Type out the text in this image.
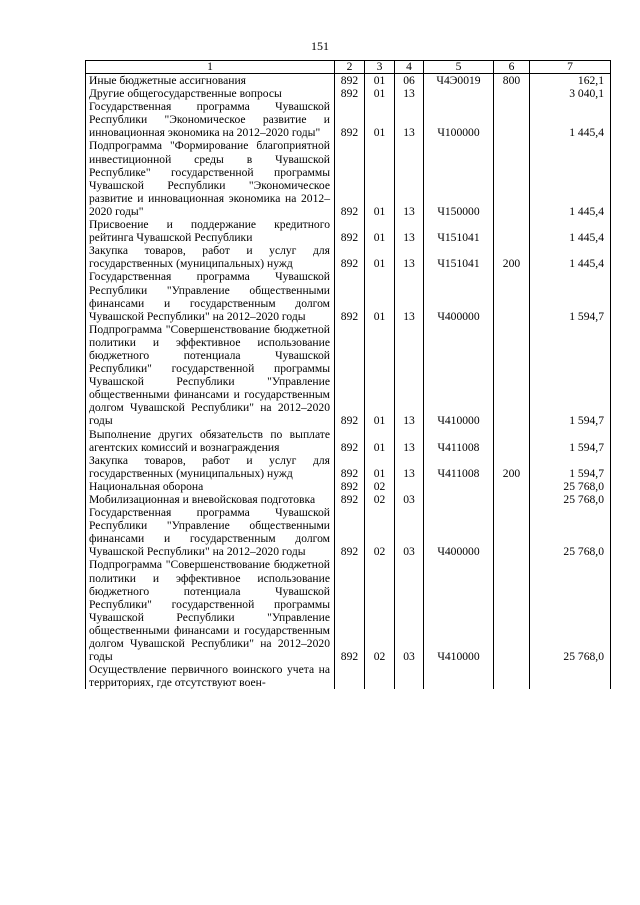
151
1	2	3	4	5	6	7
Иные бюджетные ассигнования	892	01	06	Ч4Э0019	800	162,1
Другие общегосударственные вопросы	892	01	13			3 040,1
Государственная программа Чувашской Республики "Экономическое развитие и инновационная экономика на 2012–2020 годы"	892	01	13	Ч100000		1 445,4
Подпрограмма "Формирование благоприятной инвестиционной среды в Чувашской Республике" государственной программы Чувашской Республики "Экономическое развитие и инновационная экономика на 2012–2020 годы"	892	01	13	Ч150000		1 445,4
Присвоение и поддержание кредитного рейтинга Чувашской Республики	892	01	13	Ч151041		1 445,4
Закупка товаров, работ и услуг для государственных (муниципальных) нужд	892	01	13	Ч151041	200	1 445,4
Государственная программа Чувашской Республики "Управление общественными финансами и государственным долгом Чувашской Республики" на 2012–2020 годы	892	01	13	Ч400000		1 594,7
Подпрограмма "Совершенствование бюджетной политики и эффективное использование бюджетного потенциала Чувашской Республики" государственной программы Чувашской Республики "Управление общественными финансами и государственным долгом Чувашской Республики" на 2012–2020 годы	892	01	13	Ч410000		1 594,7
Выполнение других обязательств по выплате агентских комиссий и вознаграждения	892	01	13	Ч411008		1 594,7
Закупка товаров, работ и услуг для государственных (муниципальных) нужд	892	01	13	Ч411008	200	1 594,7
Национальная оборона	892	02				25 768,0
Мобилизационная и вневойсковая подготовка	892	02	03			25 768,0
Государственная программа Чувашской Республики "Управление общественными финансами и государственным долгом Чувашской Республики" на 2012–2020 годы	892	02	03	Ч400000		25 768,0
Подпрограмма "Совершенствование бюджетной политики и эффективное использование бюджетного потенциала Чувашской Республики" государственной программы Чувашской Республики "Управление общественными финансами и государственным долгом Чувашской Республики" на 2012–2020 годы	892	02	03	Ч410000		25 768,0
Осуществление первичного воинского учета на территориях, где отсутствуют воен-						
